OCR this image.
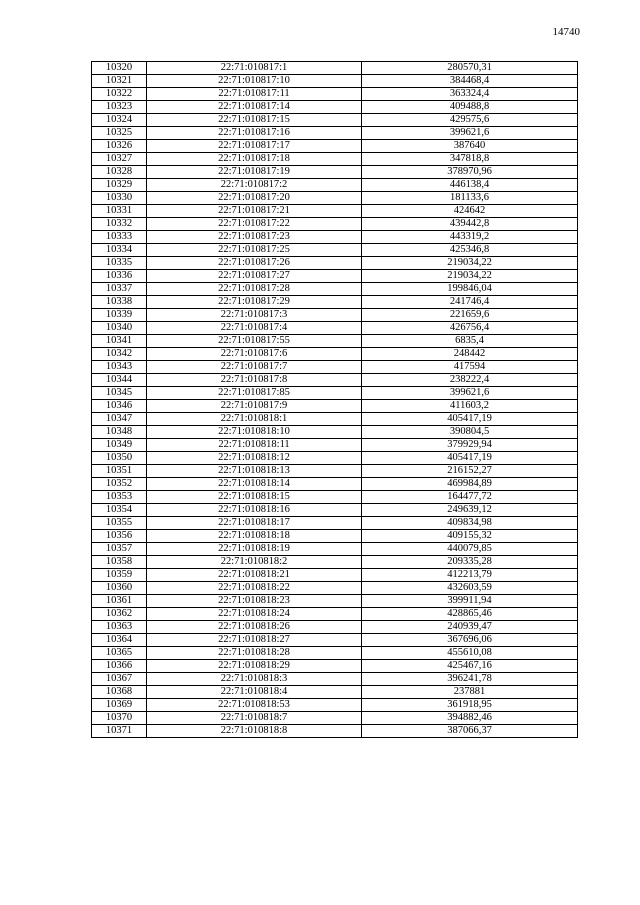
14740
10320	22:71:010817:1	280570,31
10321	22:71:010817:10	384468,4
10322	22:71:010817:11	363324,4
10323	22:71:010817:14	409488,8
10324	22:71:010817:15	429575,6
10325	22:71:010817:16	399621,6
10326	22:71:010817:17	387640
10327	22:71:010817:18	347818,8
10328	22:71:010817:19	378970,96
10329	22:71:010817:2	446138,4
10330	22:71:010817:20	181133,6
10331	22:71:010817:21	424642
10332	22:71:010817:22	439442,8
10333	22:71:010817:23	443319,2
10334	22:71:010817:25	425346,8
10335	22:71:010817:26	219034,22
10336	22:71:010817:27	219034,22
10337	22:71:010817:28	199846,04
10338	22:71:010817:29	241746,4
10339	22:71:010817:3	221659,6
10340	22:71:010817:4	426756,4
10341	22:71:010817:55	6835,4
10342	22:71:010817:6	248442
10343	22:71:010817:7	417594
10344	22:71:010817:8	238222,4
10345	22:71:010817:85	399621,6
10346	22:71:010817:9	411603,2
10347	22:71:010818:1	405417,19
10348	22:71:010818:10	390804,5
10349	22:71:010818:11	379929,94
10350	22:71:010818:12	405417,19
10351	22:71:010818:13	216152,27
10352	22:71:010818:14	469984,89
10353	22:71:010818:15	164477,72
10354	22:71:010818:16	249639,12
10355	22:71:010818:17	409834,98
10356	22:71:010818:18	409155,32
10357	22:71:010818:19	440079,85
10358	22:71:010818:2	209335,28
10359	22:71:010818:21	412213,79
10360	22:71:010818:22	432603,59
10361	22:71:010818:23	399911,94
10362	22:71:010818:24	428865,46
10363	22:71:010818:26	240939,47
10364	22:71:010818:27	367696,06
10365	22:71:010818:28	455610,08
10366	22:71:010818:29	425467,16
10367	22:71:010818:3	396241,78
10368	22:71:010818:4	237881
10369	22:71:010818:53	361918,95
10370	22:71:010818:7	394882,46
10371	22:71:010818:8	387066,37
